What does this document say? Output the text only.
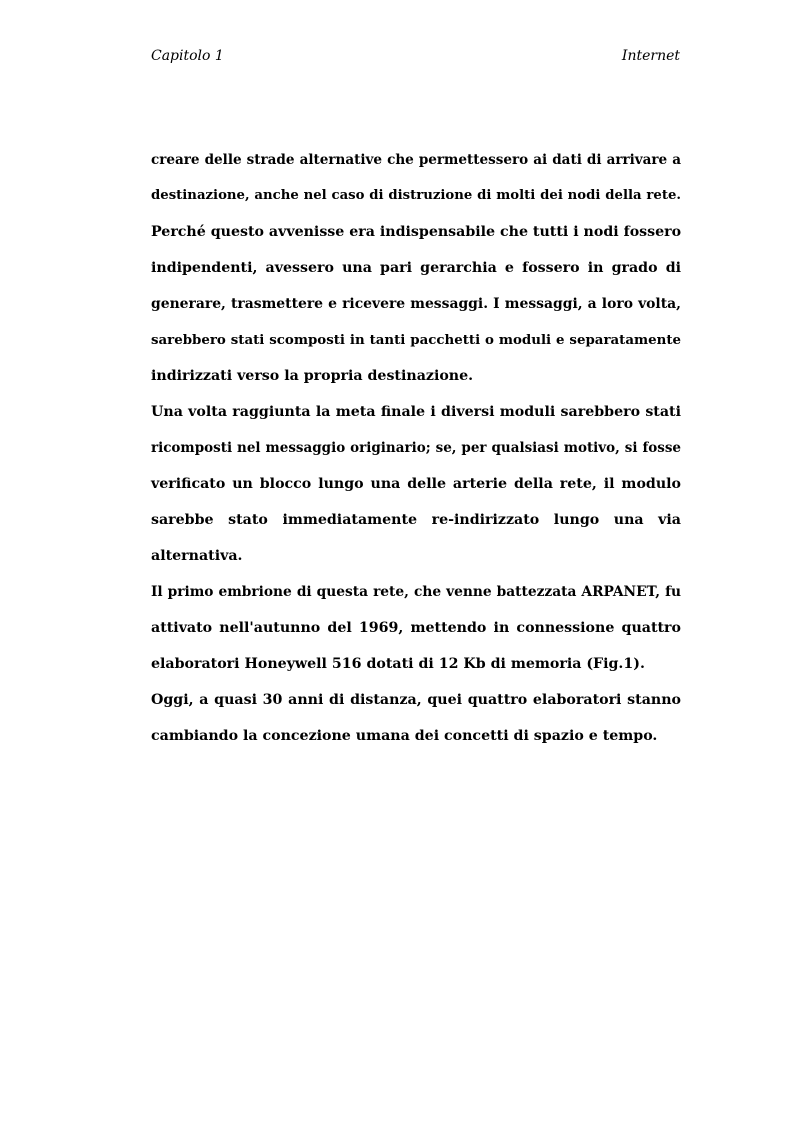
Capitolo 1	Internet

creare delle strade alternative che permettessero ai dati di arrivare a
destinazione, anche nel caso di distruzione di molti dei nodi della rete.
Perché questo avvenisse era indispensabile che tutti i nodi fossero
indipendenti, avessero una pari gerarchia e fossero in grado di
generare, trasmettere e ricevere messaggi. I messaggi, a loro volta,
sarebbero stati scomposti in tanti pacchetti o moduli e separatamente
indirizzati verso la propria destinazione.

Una volta raggiunta la meta finale i diversi moduli sarebbero stati
ricomposti nel messaggio originario; se, per qualsiasi motivo, si fosse
verificato un blocco lungo una delle arterie della rete, il modulo
sarebbe stato immediatamente re-indirizzato lungo una via
alternativa.

Il primo embrione di questa rete, che venne battezzata ARPANET, fu
attivato nell'autunno del 1969, mettendo in connessione quattro
elaboratori Honeywell 516 dotati di 12 Kb di memoria (Fig.1).

Oggi, a quasi 30 anni di distanza, quei quattro elaboratori stanno
cambiando la concezione umana dei concetti di spazio e tempo.
